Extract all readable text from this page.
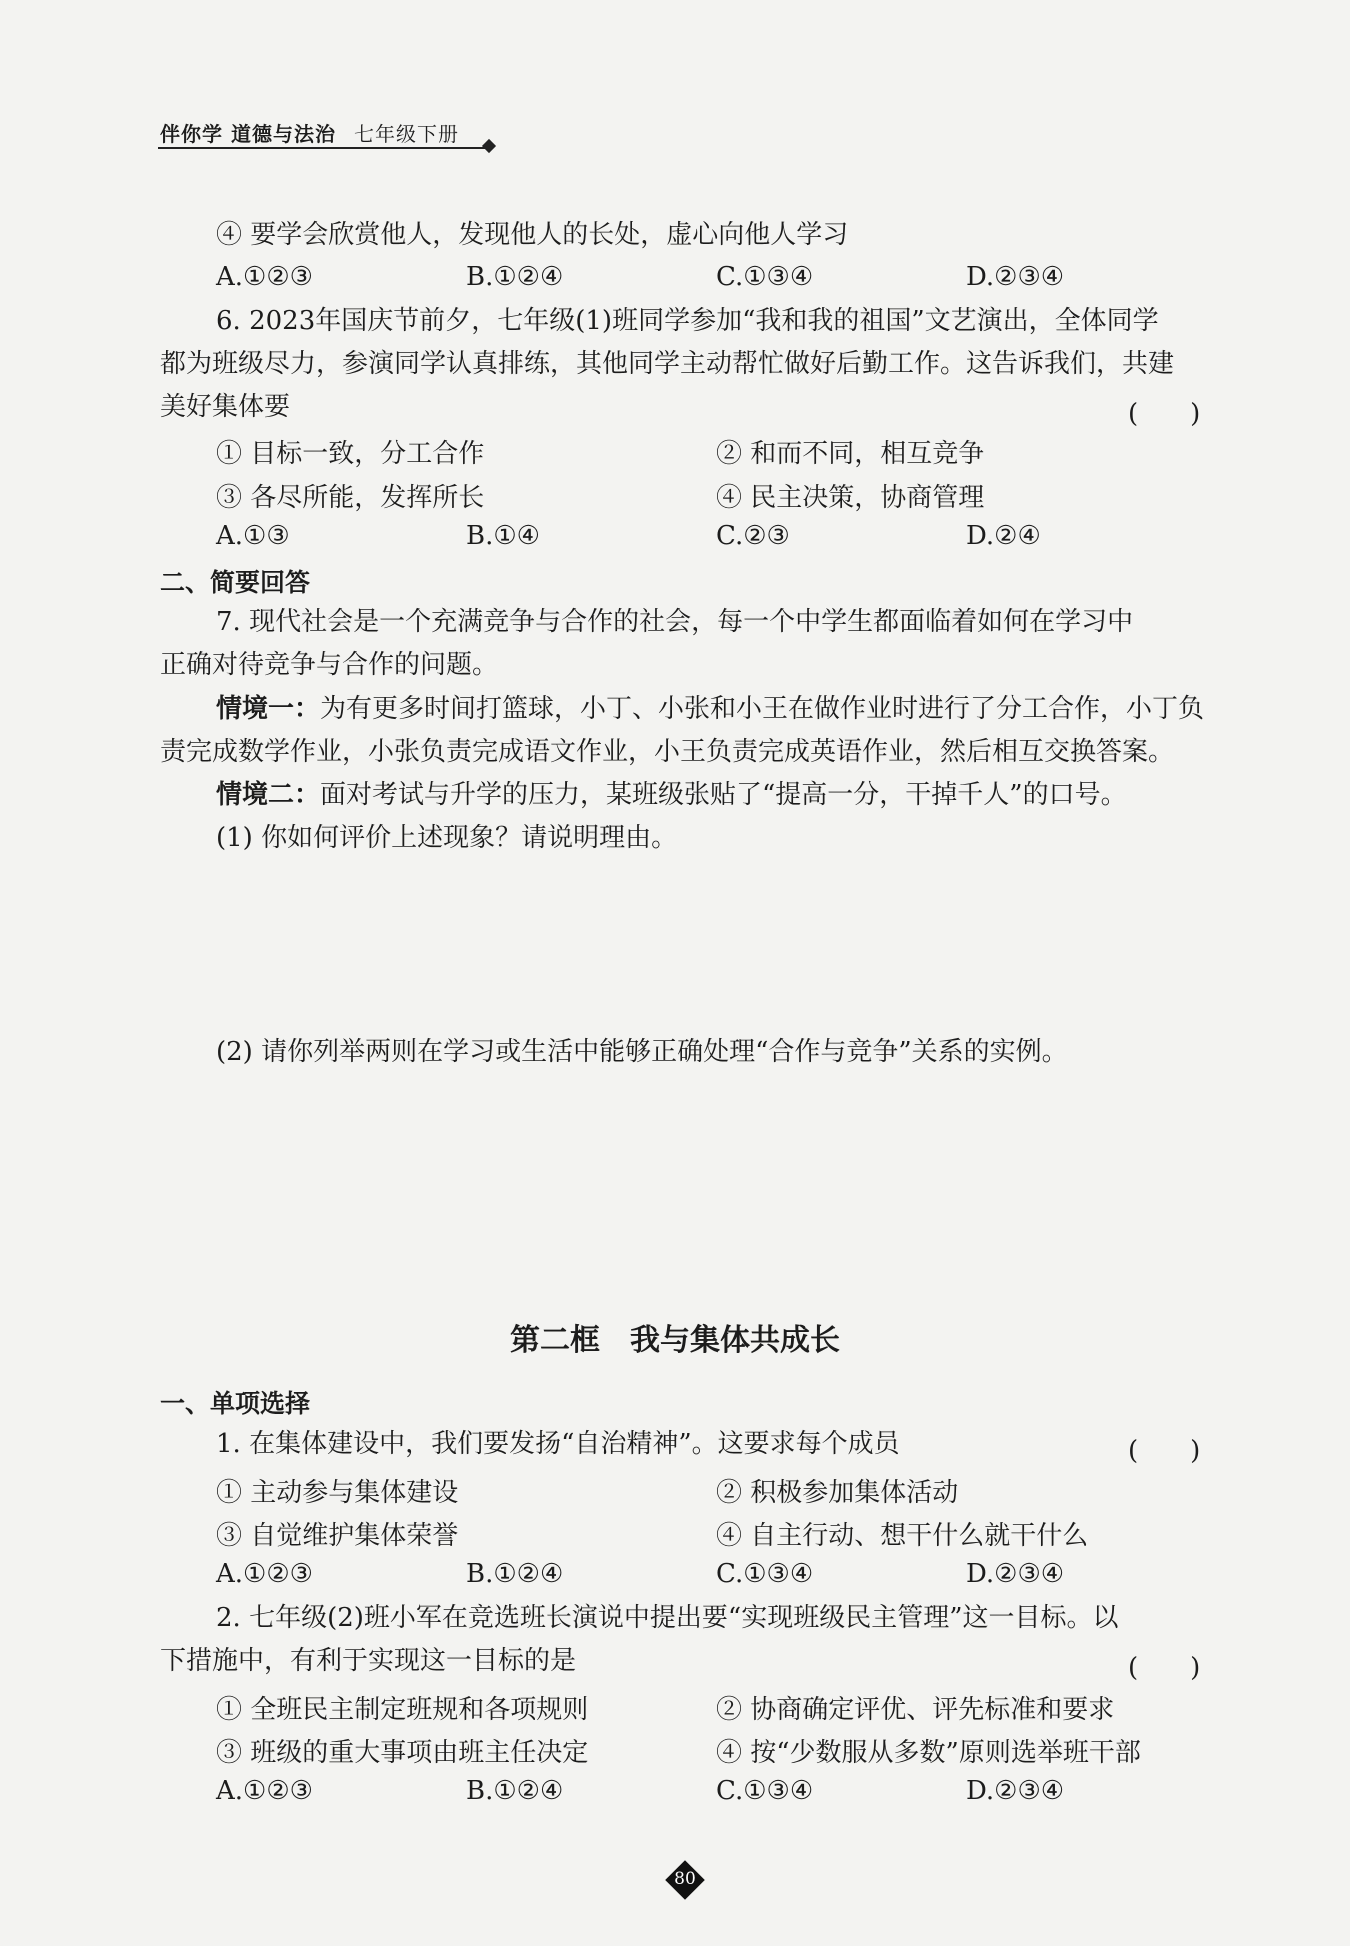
伴你学 道德与法治 七年级下册
④ 要学会欣赏他人，发现他人的长处，虚心向他人学习
A.①②③	B.①②④	C.①③④	D.②③④
6. 2023年国庆节前夕，七年级(1)班同学参加“我和我的祖国”文艺演出，全体同学
都为班级尽力，参演同学认真排练，其他同学主动帮忙做好后勤工作。这告诉我们，共建
美好集体要	(　　)
① 目标一致，分工合作	② 和而不同，相互竞争
③ 各尽所能，发挥所长	④ 民主决策，协商管理
A.①③	B.①④	C.②③	D.②④
二、简要回答
7. 现代社会是一个充满竞争与合作的社会，每一个中学生都面临着如何在学习中
正确对待竞争与合作的问题。
情境一：为有更多时间打篮球，小丁、小张和小王在做作业时进行了分工合作，小丁负
责完成数学作业，小张负责完成语文作业，小王负责完成英语作业，然后相互交换答案。
情境二：面对考试与升学的压力，某班级张贴了“提高一分，干掉千人”的口号。
(1) 你如何评价上述现象？请说明理由。
(2) 请你列举两则在学习或生活中能够正确处理“合作与竞争”关系的实例。
第二框　我与集体共成长
一、单项选择
1. 在集体建设中，我们要发扬“自治精神”。这要求每个成员	(　　)
① 主动参与集体建设	② 积极参加集体活动
③ 自觉维护集体荣誉	④ 自主行动、想干什么就干什么
A.①②③	B.①②④	C.①③④	D.②③④
2. 七年级(2)班小军在竞选班长演说中提出要“实现班级民主管理”这一目标。以
下措施中，有利于实现这一目标的是	(　　)
① 全班民主制定班规和各项规则	② 协商确定评优、评先标准和要求
③ 班级的重大事项由班主任决定	④ 按“少数服从多数”原则选举班干部
A.①②③	B.①②④	C.①③④	D.②③④
80
